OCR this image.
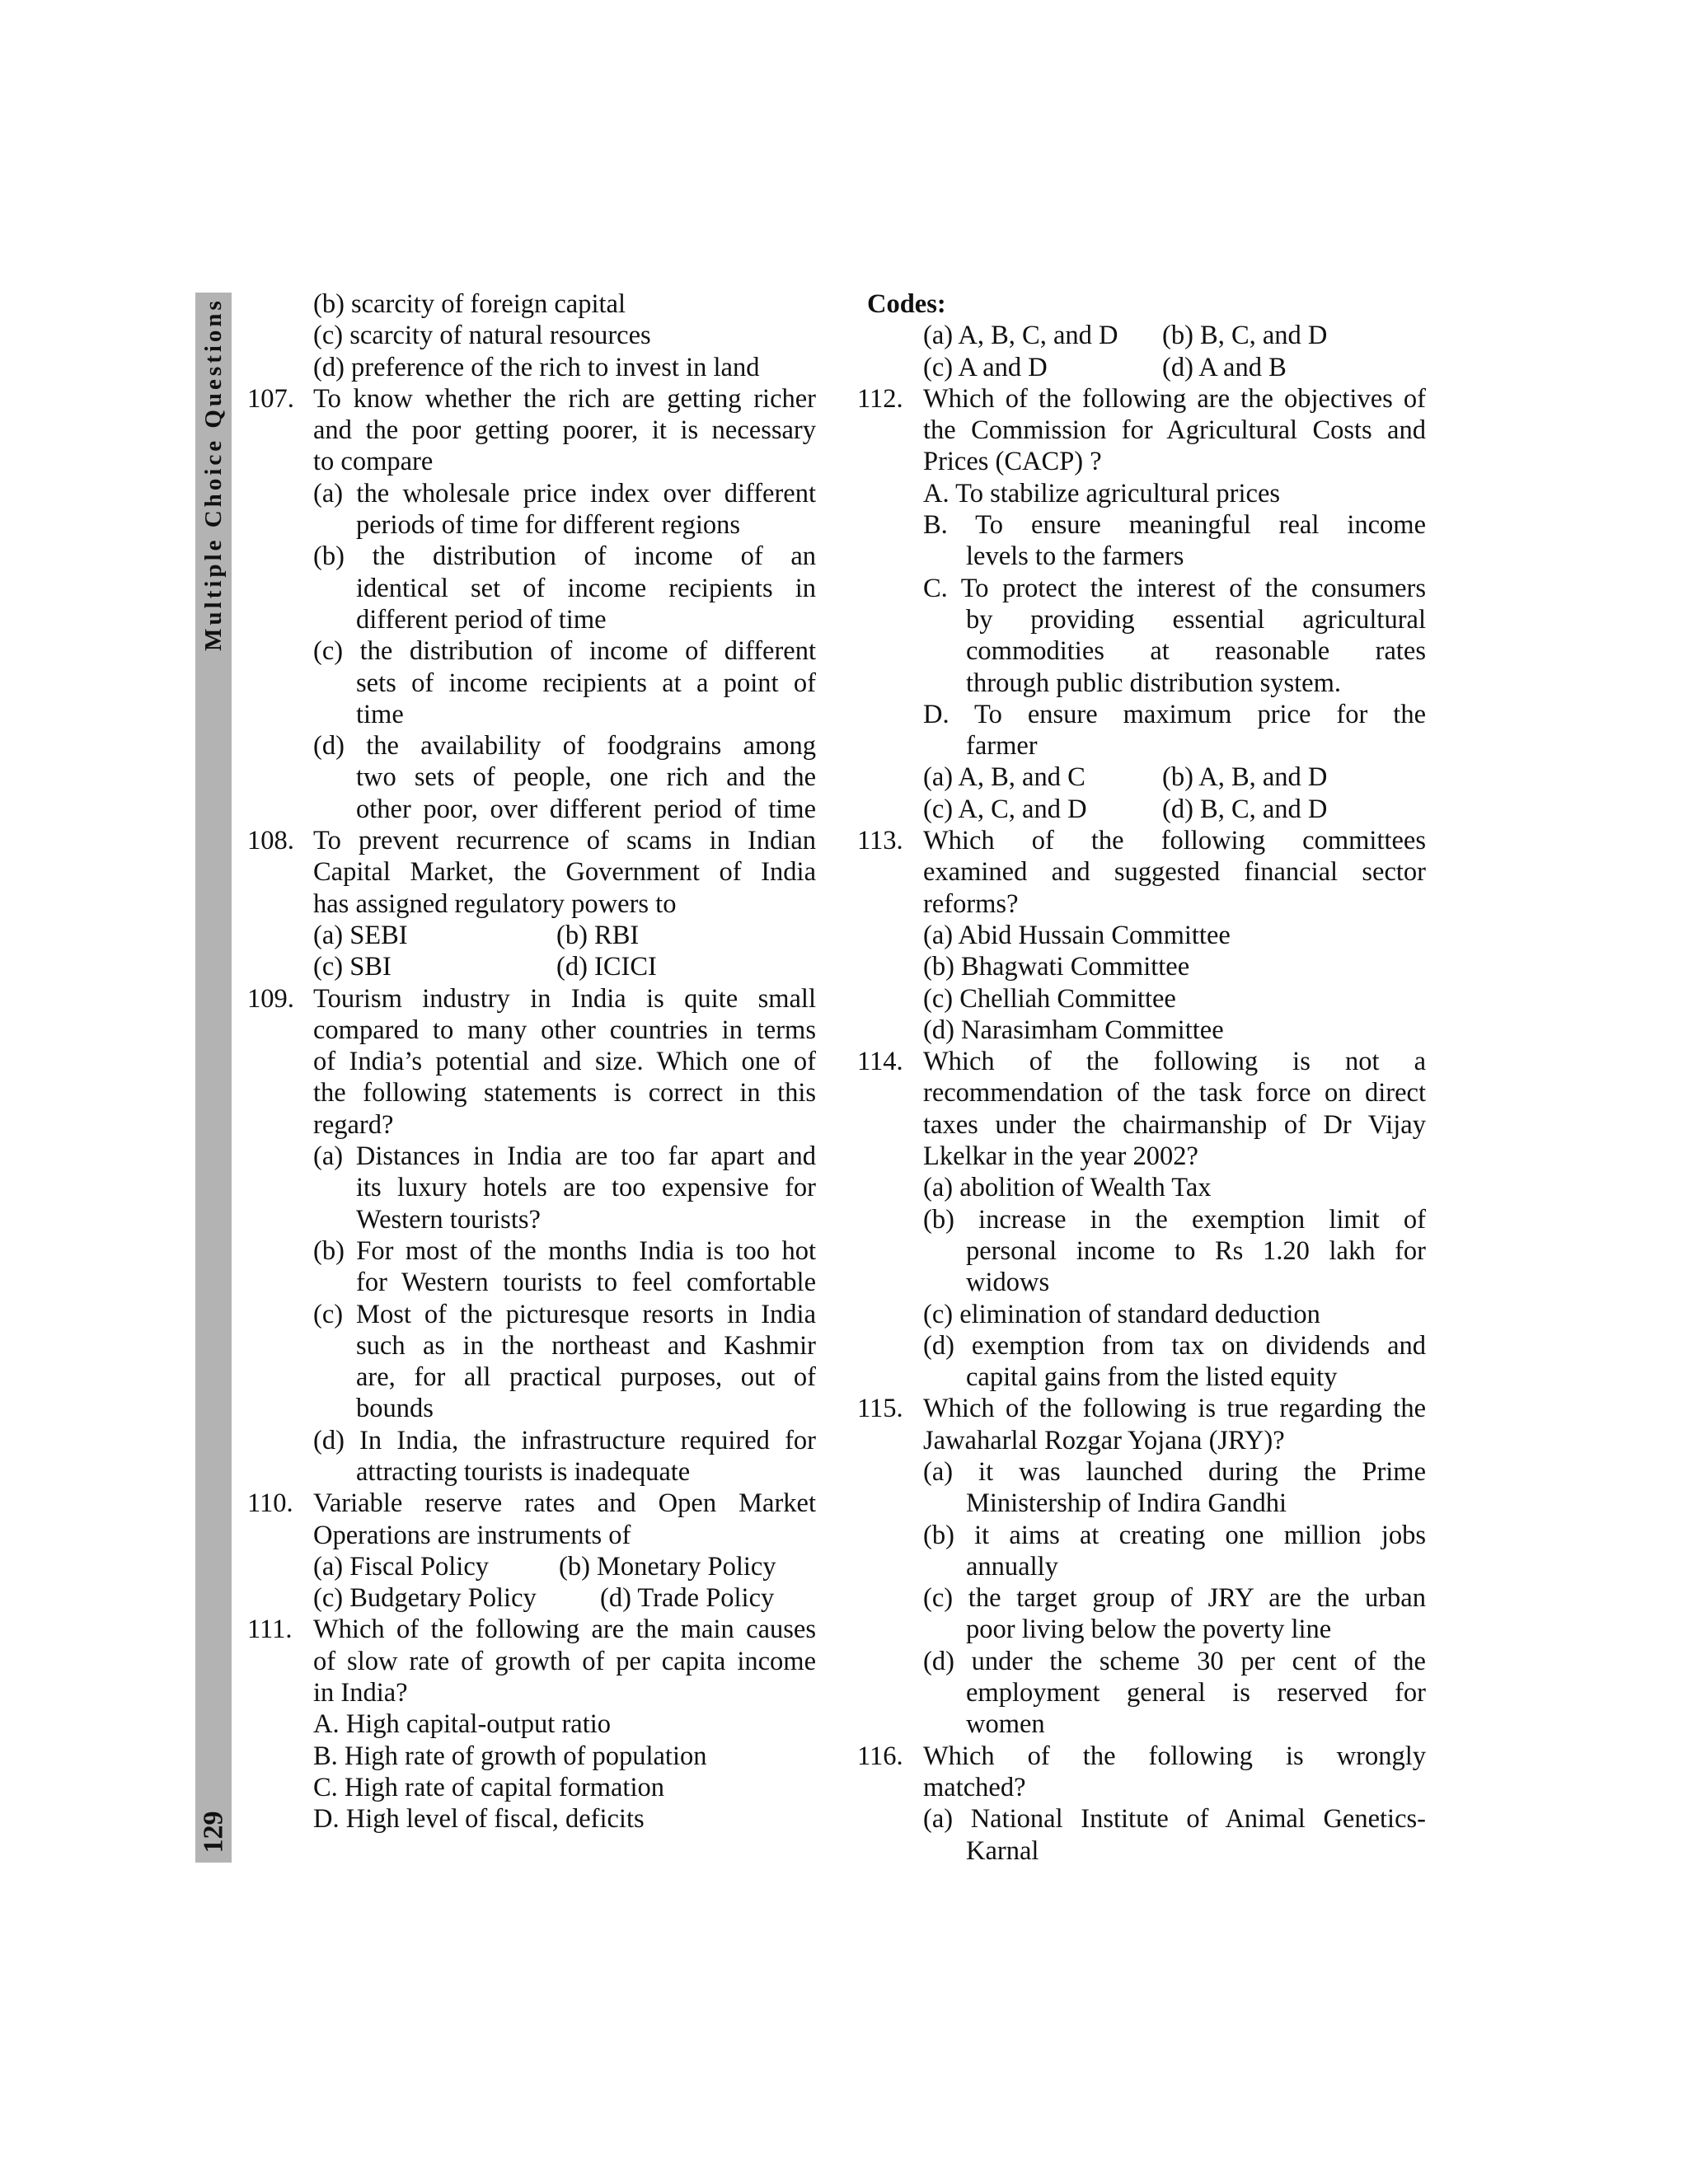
Multiple Choice Questions
129
(b) scarcity of foreign capital
(c) scarcity of natural resources
(d) preference of the rich to invest in land
107. To know whether the rich are getting richer
and the poor getting poorer, it is necessary
to compare
(a) the wholesale price index over different
periods of time for different regions
(b) the distribution of income of an
identical set of income recipients in
different period of time
(c) the distribution of income of different
sets of income recipients at a point of
time
(d) the availability of foodgrains among
two sets of people, one rich and the
other poor, over different period of time
108. To prevent recurrence of scams in Indian
Capital Market, the Government of India
has assigned regulatory powers to
(a) SEBI	(b) RBI
(c) SBI	(d) ICICI
109. Tourism industry in India is quite small
compared to many other countries in terms
of India’s potential and size. Which one of
the following statements is correct in this
regard?
(a) Distances in India are too far apart and
its luxury hotels are too expensive for
Western tourists?
(b) For most of the months India is too hot
for Western tourists to feel comfortable
(c) Most of the picturesque resorts in India
such as in the northeast and Kashmir
are, for all practical purposes, out of
bounds
(d) In India, the infrastructure required for
attracting tourists is inadequate
110. Variable reserve rates and Open Market
Operations are instruments of
(a) Fiscal Policy	(b) Monetary Policy
(c) Budgetary Policy (d) Trade Policy
111. Which of the following are the main causes
of slow rate of growth of per capita income
in India?
A. High capital-output ratio
B. High rate of growth of population
C. High rate of capital formation
D. High level of fiscal, deficits
Codes:
(a) A, B, C, and D (b) B, C, and D
(c) A and D	(d) A and B
112. Which of the following are the objectives of
the Commission for Agricultural Costs and
Prices (CACP) ?
A. To stabilize agricultural prices
B. To ensure meaningful real income
levels to the farmers
C. To protect the interest of the consumers
by providing essential agricultural
commodities at reasonable rates
through public distribution system.
D. To ensure maximum price for the
farmer
(a) A, B, and C	(b) A, B, and D
(c) A, C, and D	(d) B, C, and D
113. Which of the following committees
examined and suggested financial sector
reforms?
(a) Abid Hussain Committee
(b) Bhagwati Committee
(c) Chelliah Committee
(d) Narasimham Committee
114. Which of the following is not a
recommendation of the task force on direct
taxes under the chairmanship of Dr Vijay
Lkelkar in the year 2002?
(a) abolition of Wealth Tax
(b) increase in the exemption limit of
personal income to Rs 1.20 lakh for
widows
(c) elimination of standard deduction
(d) exemption from tax on dividends and
capital gains from the listed equity
115. Which of the following is true regarding the
Jawaharlal Rozgar Yojana (JRY)?
(a) it was launched during the Prime
Ministership of Indira Gandhi
(b) it aims at creating one million jobs
annually
(c) the target group of JRY are the urban
poor living below the poverty line
(d) under the scheme 30 per cent of the
employment general is reserved for
women
116. Which of the following is wrongly
matched?
(a) National Institute of Animal Genetics-
Karnal
